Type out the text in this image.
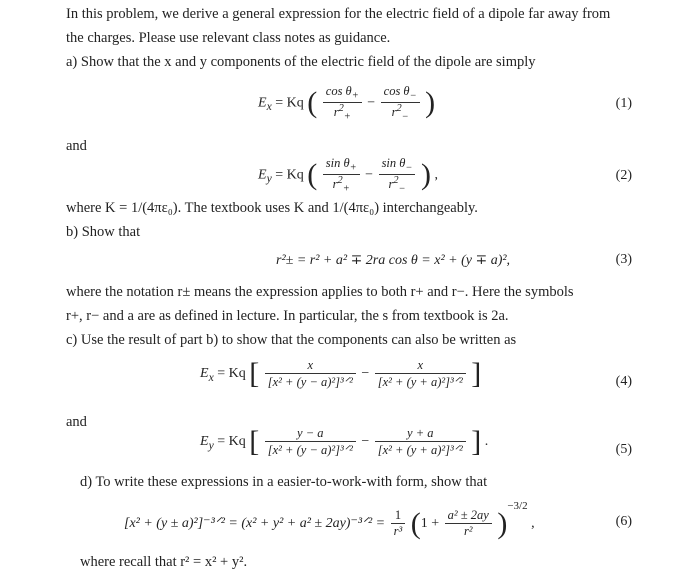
In this problem, we derive a general expression for the electric field of a dipole far away from
the charges. Please use relevant class notes as guidance.
a) Show that the x and y components of the electric field of the dipole are simply
$E_x = Kq$ ( $\frac{\cos \theta_+}{r^2_+} - \frac{\cos \theta_-}{r^2_-}$ )	(1)
and
$E_y = Kq$ ( $\frac{\sin \theta_+}{r^2_+} - \frac{\sin \theta_-}{r^2_-}$ ) ,	(2)
where K = 1/(4πε₀). The textbook uses K and 1/(4πε₀) interchangeably.
b) Show that
r²± = r² + a² ∓ 2ra cos θ = x² + (y ∓ a)²,	(3)
where the notation r± means the expression applies to both r+ and r−. Here the symbols
r+, r− and a are as defined in lecture. In particular, the s from textbook is 2a.
c) Use the result of part b) to show that the components can also be written as
$E_x = Kq$ [ $\frac{x}{\text{[x² + (y − a)²]³ᐟ²}} - \frac{x}{\text{[x² + (y + a)²]³ᐟ²}}$ ]	(4)
and
$E_y = Kq$ [ $\frac{y - a}{\text{[x² + (y − a)²]³ᐟ²}} - \frac{y + a}{\text{[x² + (y + a)²]³ᐟ²}}$ ] .
(5)
d) To write these expressions in a easier-to-work-with form, show that
[x² + (y ± a)²]⁻³ᐟ² = (x² + y² + a² ± 2ay)⁻³ᐟ² = $\frac{1}{\text{r³}} (1 + \frac{\text{a² ± 2ay}}{\text{r²}} )^{-3/2}$ ,	(6)
where recall that r² = x² + y².
